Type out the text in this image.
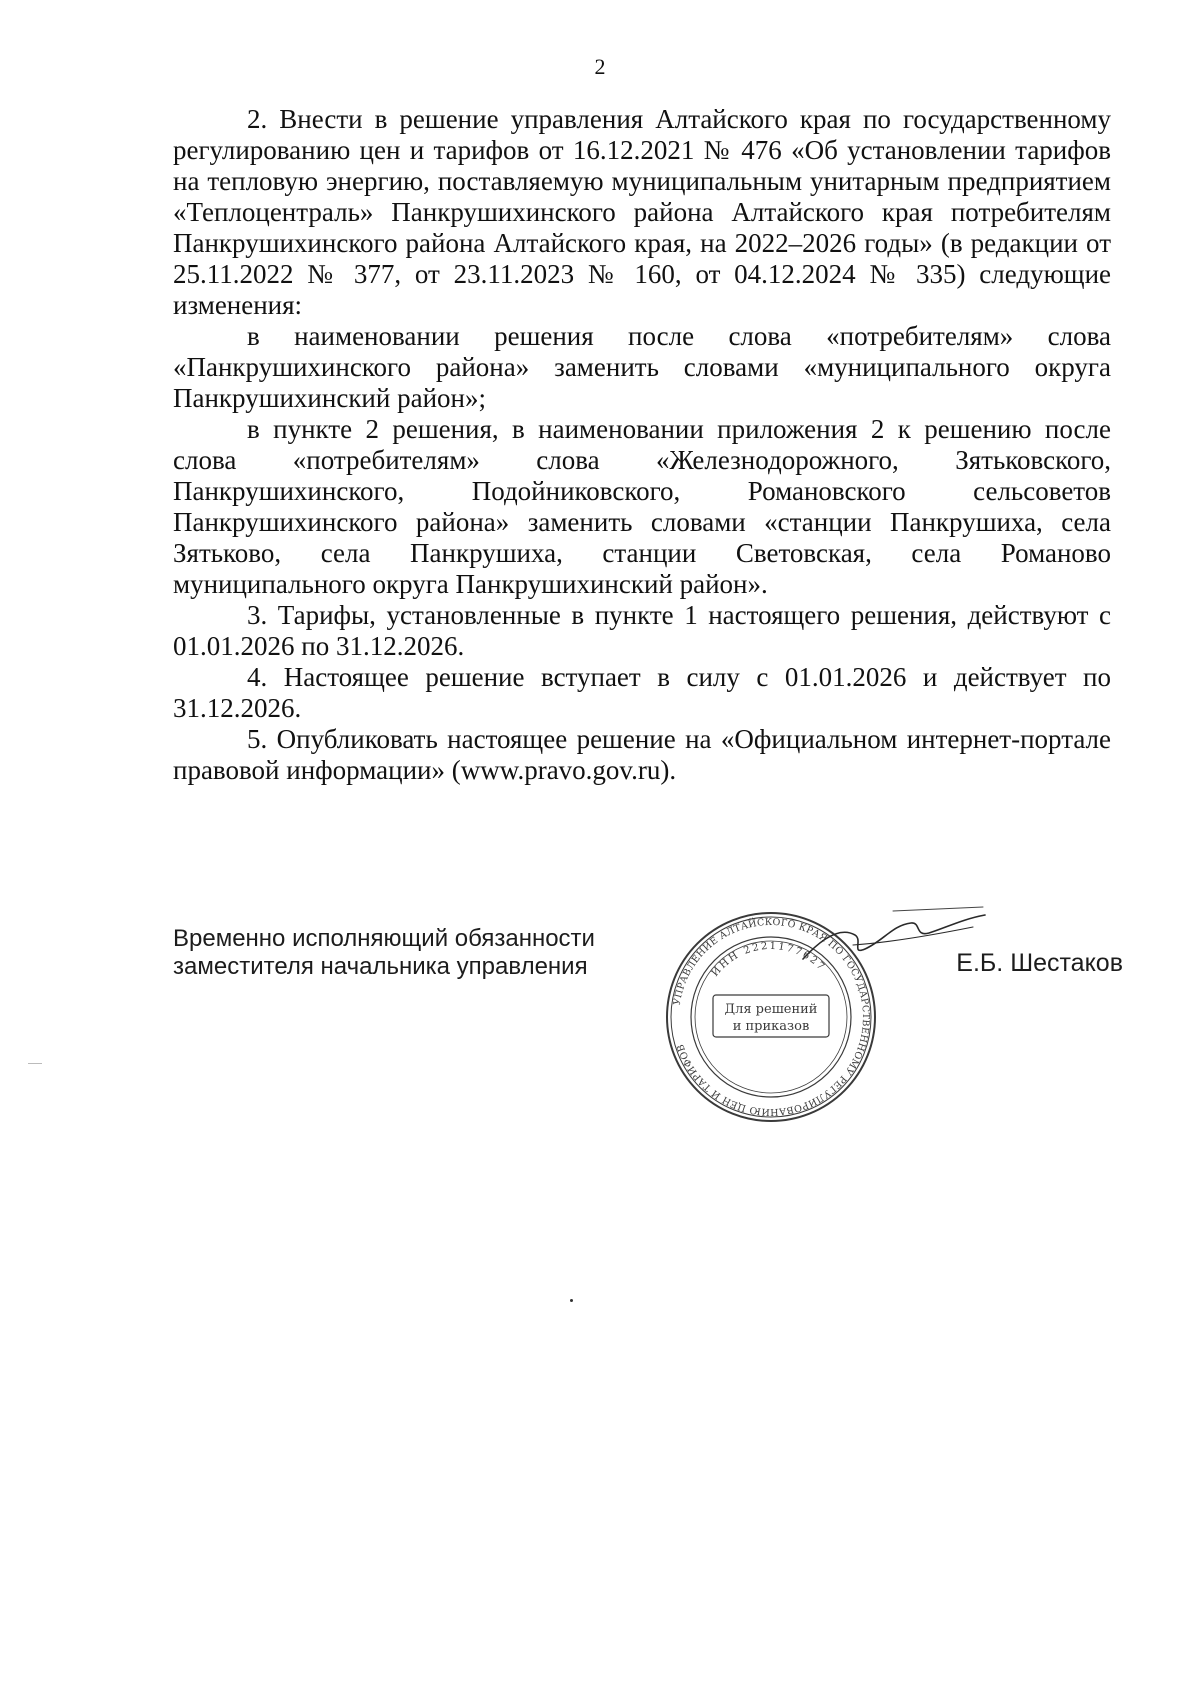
2

2. Внести в решение управления Алтайского края по государственному регулированию цен и тарифов от 16.12.2021 № 476 «Об установлении тарифов на тепловую энергию, поставляемую муниципальным унитарным предприятием «Теплоцентраль» Панкрушихинского района Алтайского края потребителям Панкрушихинского района Алтайского края, на 2022–2026 годы» (в редакции от 25.11.2022 № 377, от 23.11.2023 № 160, от 04.12.2024 № 335) следующие изменения:

в наименовании решения после слова «потребителям» слова «Панкрушихинского района» заменить словами «муниципального округа Панкрушихинский район»;

в пункте 2 решения, в наименовании приложения 2 к решению после слова «потребителям» слова «Железнодорожного, Зятьковского, Панкрушихинского, Подойниковского, Романовского сельсоветов Панкрушихинского района» заменить словами «станции Панкрушиха, села Зятьково, села Панкрушиха, станции Световская, села Романово муниципального округа Панкрушихинский район».

3. Тарифы, установленные в пункте 1 настоящего решения, действуют с 01.01.2026 по 31.12.2026.

4. Настоящее решение вступает в силу с 01.01.2026 и действует по 31.12.2026.

5. Опубликовать настоящее решение на «Официальном интернет-портале правовой информации» (www.pravo.gov.ru).

Временно исполняющий обязанности
заместителя начальника управления
УПРАВЛЕНИЕ АЛТАЙСКОГО КРАЯ ПО ГОСУДАРСТВЕННОМУ РЕГУЛИРОВАНИЮ ЦЕН И ТАРИФОВ
ИНН 2221177627
Для решений
и приказов
Е.Б. Шестаков
